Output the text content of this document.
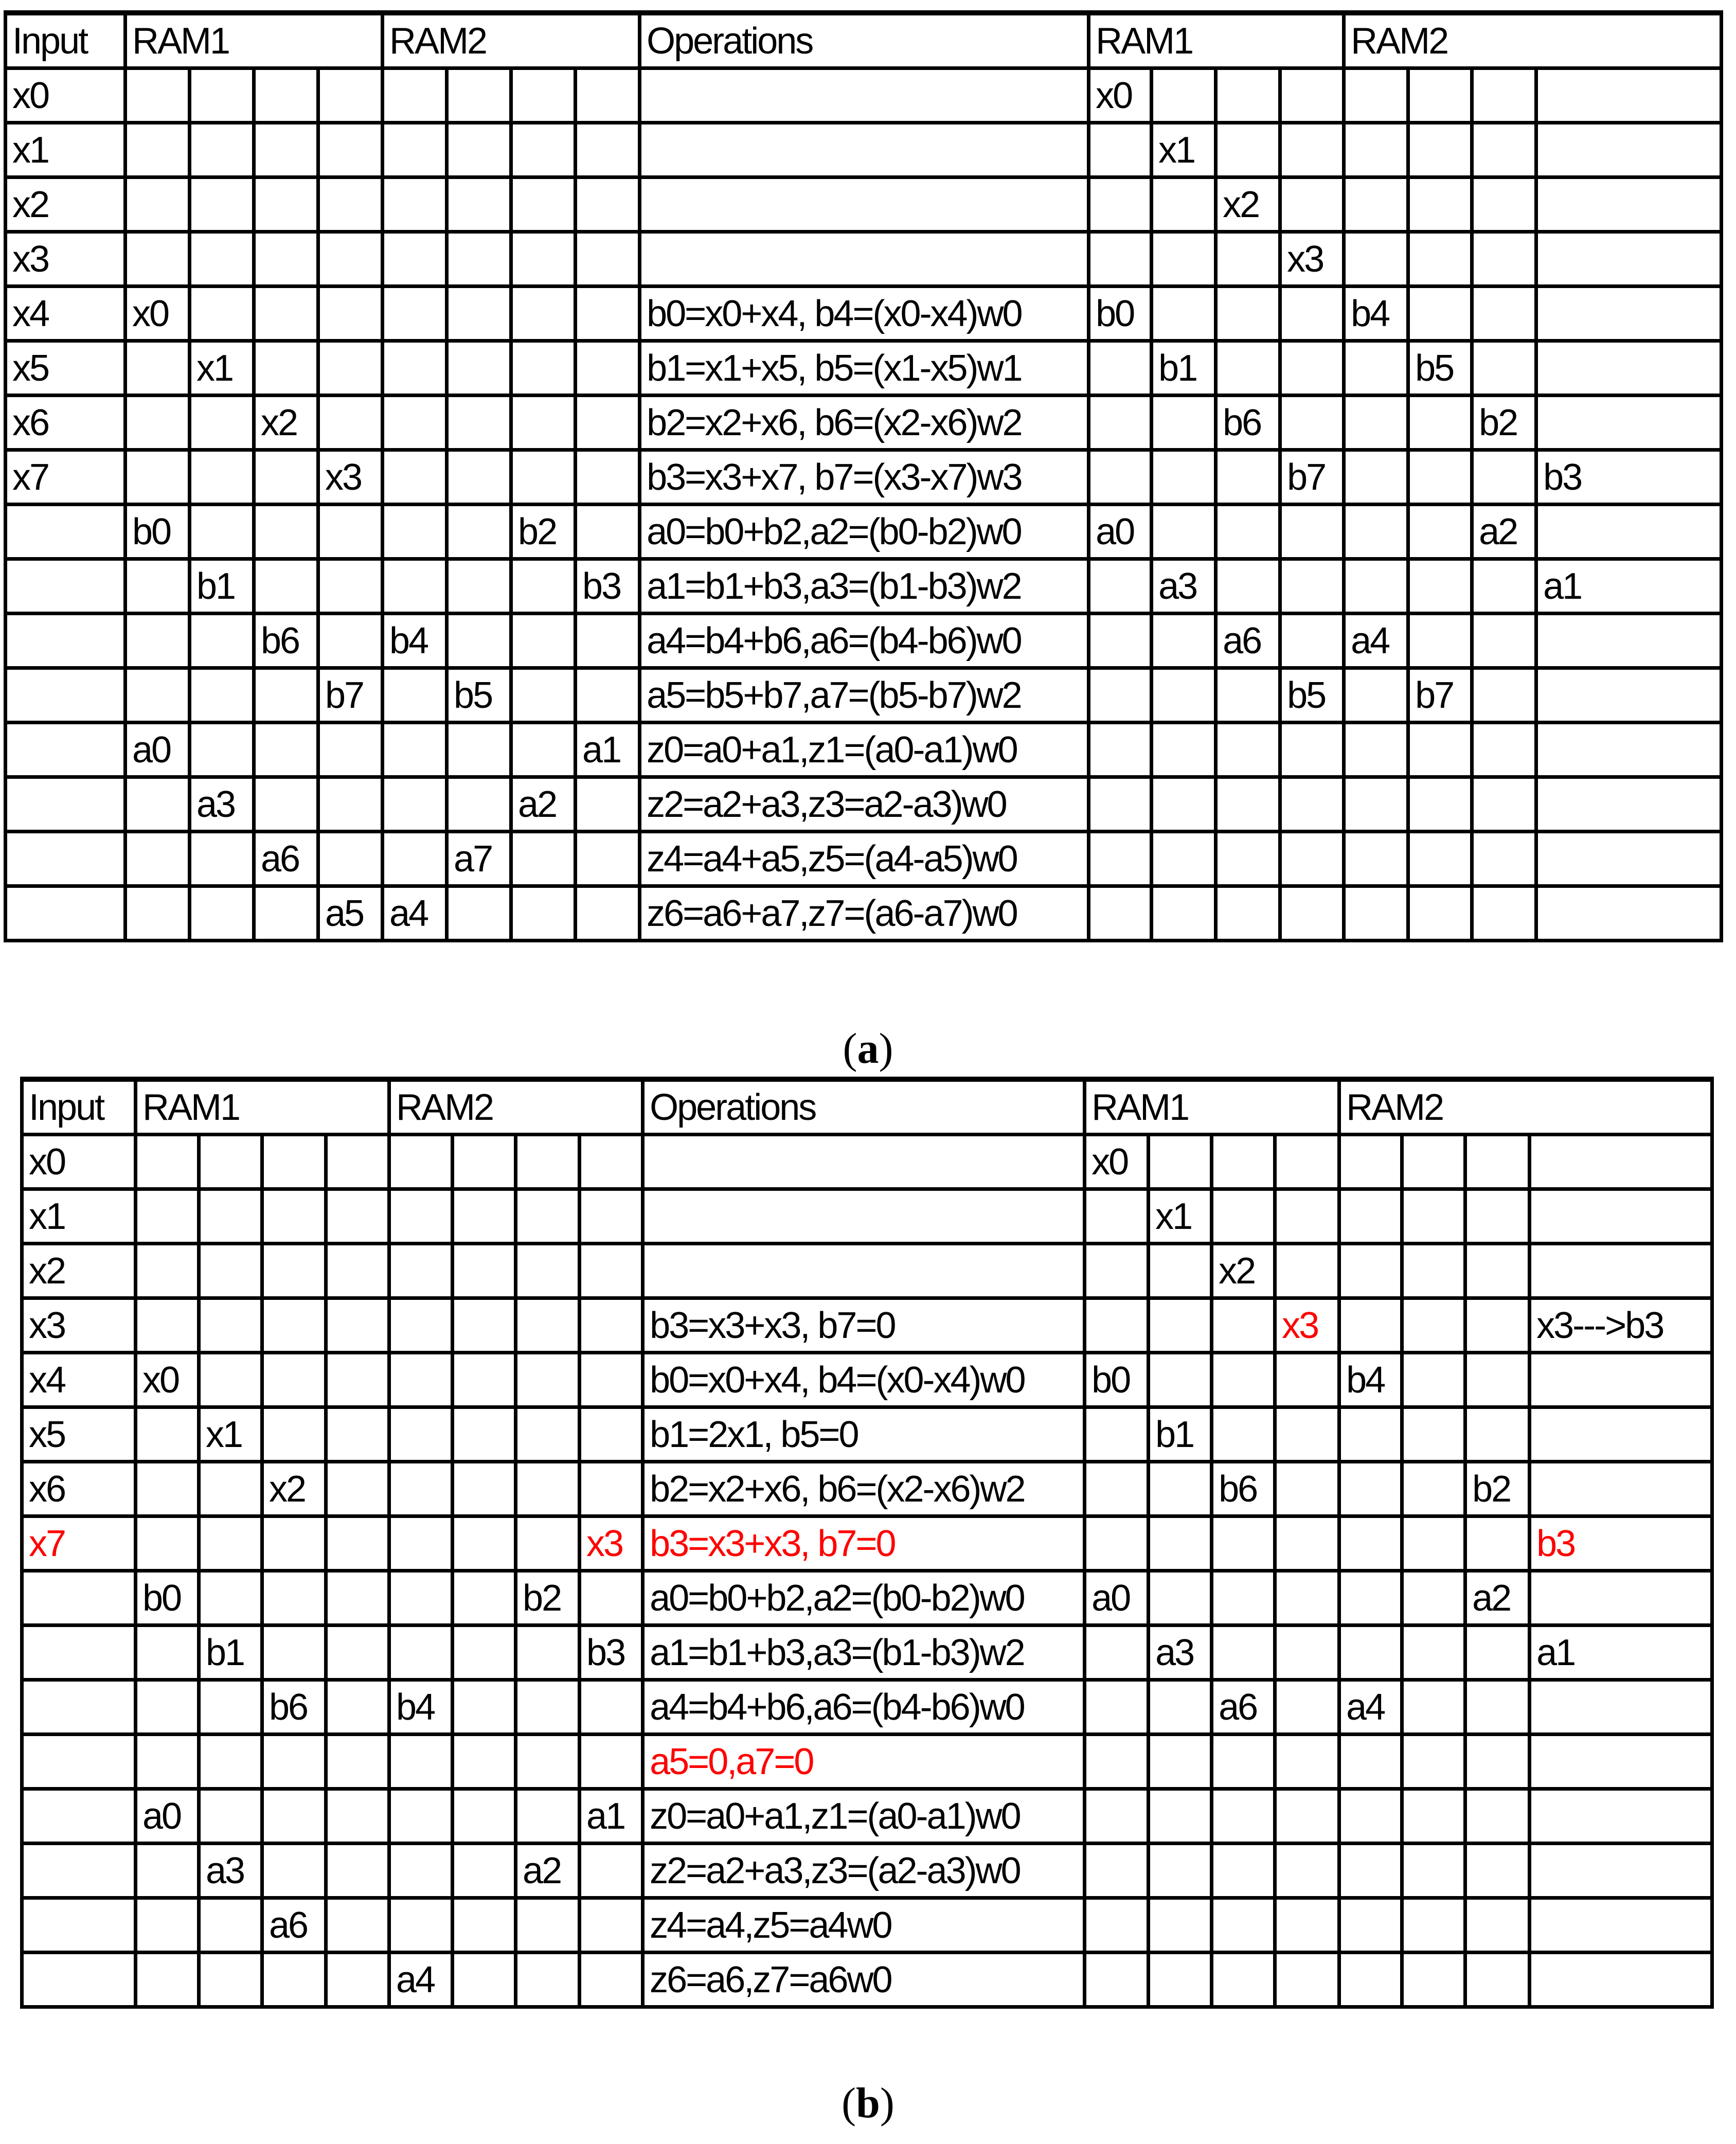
Input	RAM1				RAM2				Operations	RAM1				RAM2			
x0										x0							
x1											x1						
x2												x2					
x3													x3				
x4	x0								b0=x0+x4, b4=(x0-x4)w0	b0				b4			
x5		x1							b1=x1+x5, b5=(x1-x5)w1		b1				b5		
x6			x2						b2=x2+x6, b6=(x2-x6)w2			b6				b2	
x7				x3					b3=x3+x7, b7=(x3-x7)w3				b7				b3
	b0						b2		a0=b0+b2,a2=(b0-b2)w0	a0						a2	
		b1						b3	a1=b1+b3,a3=(b1-b3)w2		a3						a1
			b6		b4				a4=b4+b6,a6=(b4-b6)w0			a6		a4			
				b7		b5			a5=b5+b7,a7=(b5-b7)w2				b5		b7		
	a0							a1	z0=a0+a1,z1=(a0-a1)w0								
		a3					a2		z2=a2+a3,z3=a2-a3)w0								
			a6			a7			z4=a4+a5,z5=(a4-a5)w0								
				a5	a4				z6=a6+a7,z7=(a6-a7)w0								
(a)
Input	RAM1				RAM2				Operations	RAM1				RAM2			
x0										x0							
x1											x1						
x2												x2					
x3									b3=x3+x3, b7=0				x3				x3--->b3
x4	x0								b0=x0+x4, b4=(x0-x4)w0	b0				b4			
x5		x1							b1=2x1, b5=0		b1						
x6			x2						b2=x2+x6, b6=(x2-x6)w2			b6				b2	
x7								x3	b3=x3+x3, b7=0								b3
	b0						b2		a0=b0+b2,a2=(b0-b2)w0	a0						a2	
		b1						b3	a1=b1+b3,a3=(b1-b3)w2		a3						a1
			b6		b4				a4=b4+b6,a6=(b4-b6)w0			a6		a4			
									a5=0,a7=0								
	a0							a1	z0=a0+a1,z1=(a0-a1)w0								
		a3					a2		z2=a2+a3,z3=(a2-a3)w0								
			a6						z4=a4,z5=a4w0								
					a4				z6=a6,z7=a6w0								
(b)
